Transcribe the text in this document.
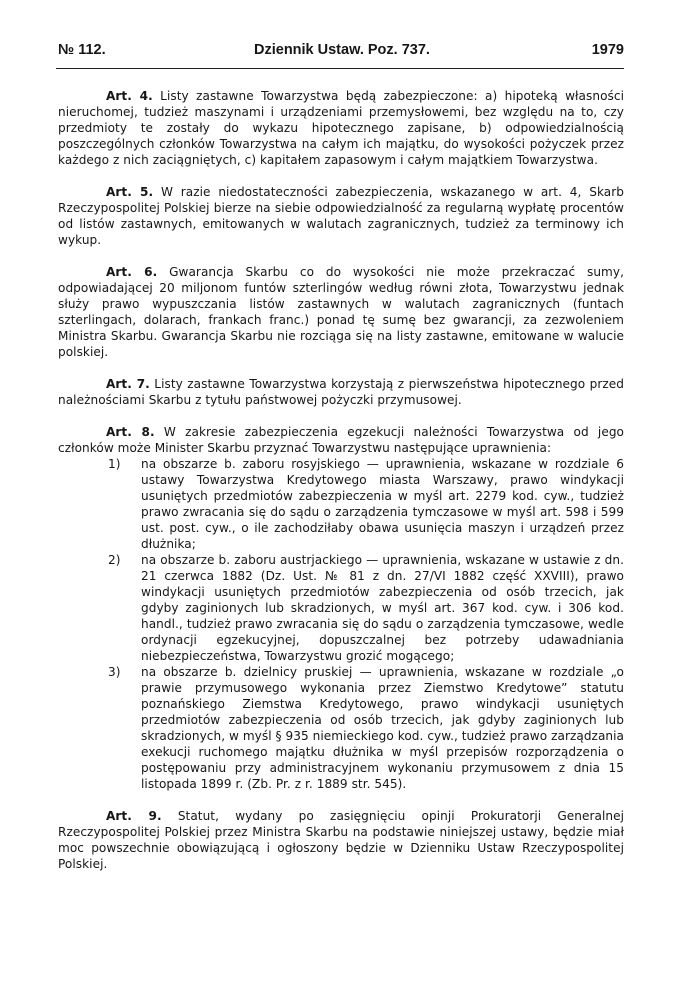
№ 112.	Dziennik Ustaw. Poz. 737.	1979

Art. 4. Listy zastawne Towarzystwa będą zabezpieczone: a) hipoteką własności nieruchomej, tudzież maszynami i urządzeniami przemysłowemi, bez względu na to, czy przedmioty te zostały do wykazu hipotecznego zapisane, b) odpowiedzialnością poszczególnych członków Towarzystwa na całym ich majątku, do wysokości pożyczek przez każdego z nich zaciągniętych, c) kapitałem zapasowym i całym majątkiem Towarzystwa.

Art. 5. W razie niedostateczności zabezpieczenia, wskazanego w art. 4, Skarb Rzeczypospolitej Polskiej bierze na siebie odpowiedzialność za regularną wypłatę procentów od listów zastawnych, emitowanych w walutach zagranicznych, tudzież za terminowy ich wykup.

Art. 6. Gwarancja Skarbu co do wysokości nie może przekraczać sumy, odpowiadającej 20 miljonom funtów szterlingów według równi złota, Towarzystwu jednak służy prawo wypuszczania listów zastawnych w walutach zagranicznych (funtach szterlingach, dolarach, frankach franc.) ponad tę sumę bez gwarancji, za zezwoleniem Ministra Skarbu. Gwarancja Skarbu nie rozciąga się na listy zastawne, emitowane w walucie polskiej.

Art. 7. Listy zastawne Towarzystwa korzystają z pierwszeństwa hipotecznego przed należnościami Skarbu z tytułu państwowej pożyczki przymusowej.

Art. 8. W zakresie zabezpieczenia egzekucji należności Towarzystwa od jego członków może Minister Skarbu przyznać Towarzystwu następujące uprawnienia:

1) na obszarze b. zaboru rosyjskiego — uprawnienia, wskazane w rozdziale 6 ustawy Towarzystwa Kredytowego miasta Warszawy, prawo windykacji usuniętych przedmiotów zabezpieczenia w myśl art. 2279 kod. cyw., tudzież prawo zwracania się do sądu o zarządzenia tymczasowe w myśl art. 598 i 599 ust. post. cyw., o ile zachodziłaby obawa usunięcia maszyn i urządzeń przez dłużnika;

2) na obszarze b. zaboru austrjackiego — uprawnienia, wskazane w ustawie z dn. 21 czerwca 1882 (Dz. Ust. № 81 z dn. 27/VI 1882 część XXVIII), prawo windykacji usuniętych przedmiotów zabezpieczenia od osób trzecich, jak gdyby zaginionych lub skradzionych, w myśl art. 367 kod. cyw. i 306 kod. handl., tudzież prawo zwracania się do sądu o zarządzenia tymczasowe, wedle ordynacji egzekucyjnej, dopuszczalnej bez potrzeby udawadniania niebezpieczeństwa, Towarzystwu grozić mogącego;

3) na obszarze b. dzielnicy pruskiej — uprawnienia, wskazane w rozdziale „o prawie przymusowego wykonania przez Ziemstwo Kredytowe” statutu poznańskiego Ziemstwa Kredytowego, prawo windykacji usuniętych przedmiotów zabezpieczenia od osób trzecich, jak gdyby zaginionych lub skradzionych, w myśl § 935 niemieckiego kod. cyw., tudzież prawo zarządzania exekucji ruchomego majątku dłużnika w myśl przepisów rozporządzenia o postępowaniu przy administracyjnem wykonaniu przymusowem z dnia 15 listopada 1899 r. (Zb. Pr. z r. 1889 str. 545).

Art. 9. Statut, wydany po zasięgnięciu opinji Prokuratorji Generalnej Rzeczypospolitej Polskiej przez Ministra Skarbu na podstawie niniejszej ustawy, będzie miał moc powszechnie obowiązującą i ogłoszony będzie w Dzienniku Ustaw Rzeczypospolitej Polskiej.
